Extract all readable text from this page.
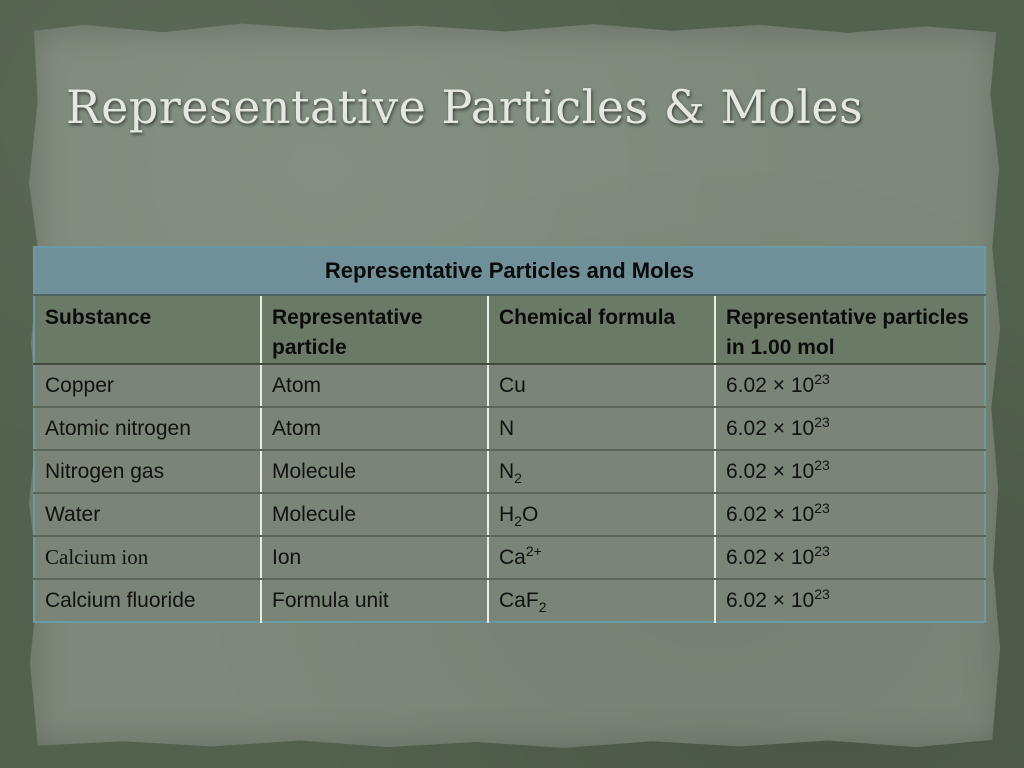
Representative Particles & Moles
Representative Particles and Moles			
Substance	Representative particle	Chemical formula	Representative particles in 1.00 mol
Copper	Atom	Cu	$6.02 \times 10^{23}$
Atomic nitrogen	Atom	N	$6.02 \times 10^{23}$
Nitrogen gas	Molecule	$N_2$	$6.02 \times 10^{23}$
Water	Molecule	$H_2O$	$6.02 \times 10^{23}$
Calcium ion	Ion	$Ca^{2+}$	$6.02 \times 10^{23}$
Calcium fluoride	Formula unit	CaF$_2$	$6.02 \times 10^{23}$
